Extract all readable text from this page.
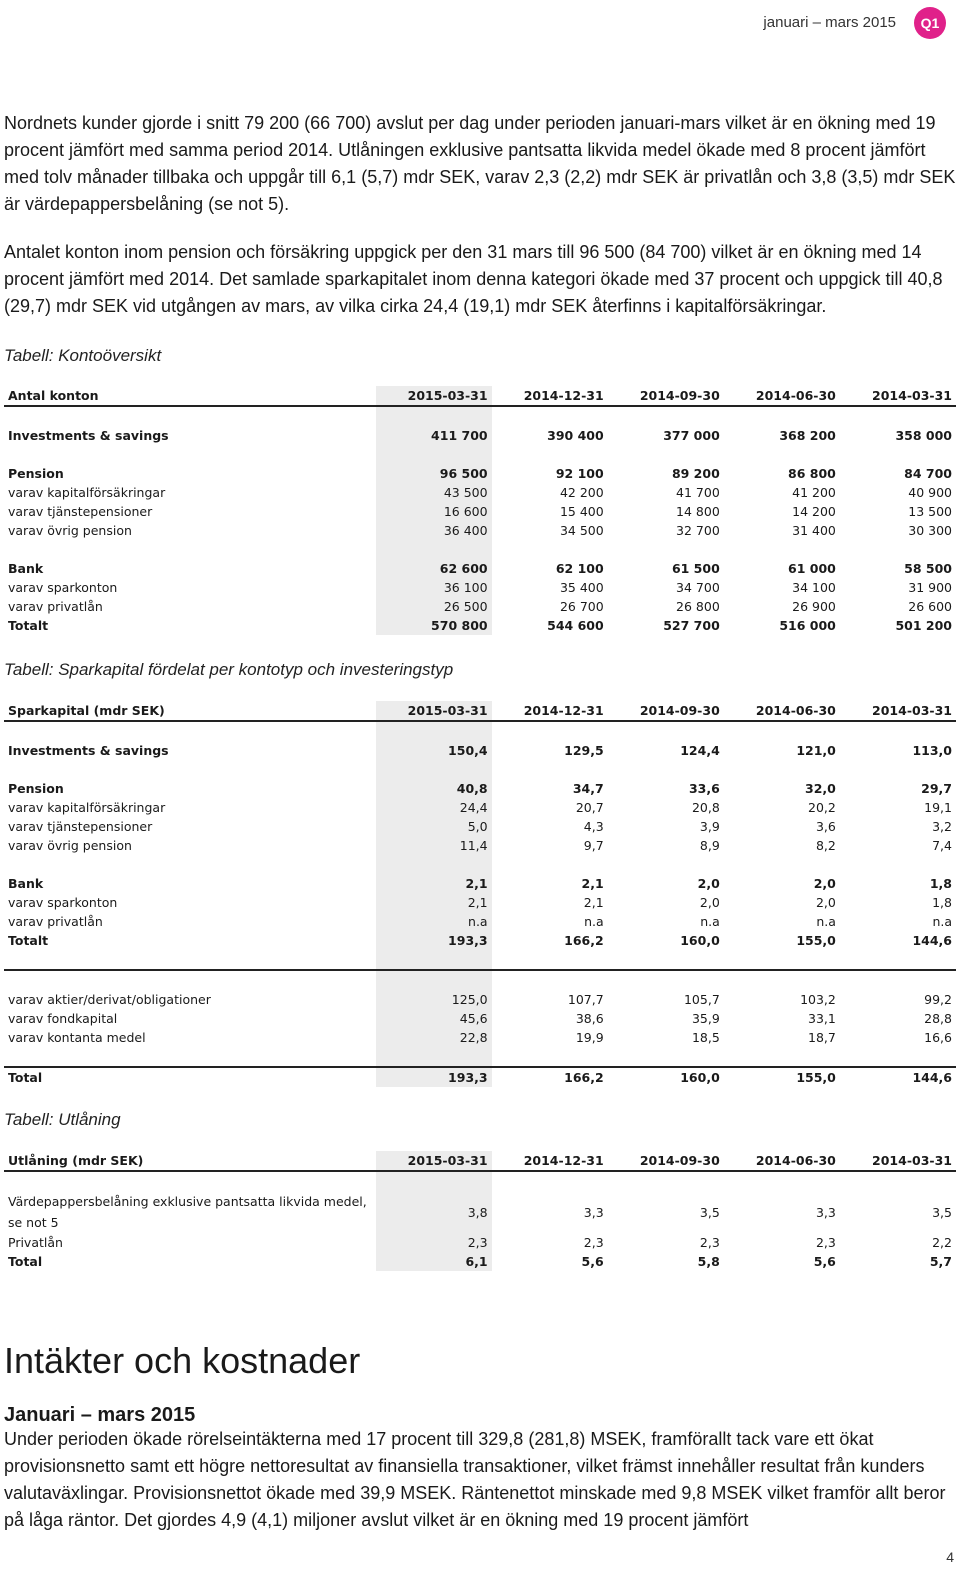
januari – mars 2015	Q1

Nordnets kunder gjorde i snitt 79 200 (66 700) avslut per dag under perioden januari-mars vilket är en ökning med 19 procent jämfört med samma period 2014. Utlåningen exklusive pantsatta likvida medel ökade med 8 procent jämfört med tolv månader tillbaka och uppgår till 6,1 (5,7) mdr SEK, varav 2,3 (2,2) mdr SEK är privatlån och 3,8 (3,5) mdr SEK är värdepappersbelåning (se not 5).

Antalet konton inom pension och försäkring uppgick per den 31 mars till 96 500 (84 700) vilket är en ökning med 14 procent jämfört med 2014. Det samlade sparkapitalet inom denna kategori ökade med 37 procent och uppgick till 40,8 (29,7) mdr SEK vid utgången av mars, av vilka cirka 24,4 (19,1) mdr SEK återfinns i kapitalförsäkringar.

Tabell: Kontoöversikt
Antal konton	2015-03-31	2014-12-31	2014-09-30	2014-06-30	2014-03-31

Investments & savings	411 700	390 400	377 000	368 200	358 000

Pension	96 500	92 100	89 200	86 800	84 700
varav kapitalförsäkringar	43 500	42 200	41 700	41 200	40 900
varav tjänstepensioner	16 600	15 400	14 800	14 200	13 500
varav övrig pension	36 400	34 500	32 700	31 400	30 300

Bank	62 600	62 100	61 500	61 000	58 500
varav sparkonton	36 100	35 400	34 700	34 100	31 900
varav privatlån	26 500	26 700	26 800	26 900	26 600
Totalt	570 800	544 600	527 700	516 000	501 200
Tabell: Sparkapital fördelat per kontotyp och investeringstyp
Sparkapital (mdr SEK)	2015-03-31	2014-12-31	2014-09-30	2014-06-30	2014-03-31

Investments & savings	150,4	129,5	124,4	121,0	113,0

Pension	40,8	34,7	33,6	32,0	29,7
varav kapitalförsäkringar	24,4	20,7	20,8	20,2	19,1
varav tjänstepensioner	5,0	4,3	3,9	3,6	3,2
varav övrig pension	11,4	9,7	8,9	8,2	7,4

Bank	2,1	2,1	2,0	2,0	1,8
varav sparkonton	2,1	2,1	2,0	2,0	1,8
varav privatlån	n.a	n.a	n.a	n.a	n.a
Totalt	193,3	166,2	160,0	155,0	144,6

varav aktier/derivat/obligationer	125,0	107,7	105,7	103,2	99,2
varav fondkapital	45,6	38,6	35,9	33,1	28,8
varav kontanta medel	22,8	19,9	18,5	18,7	16,6

Total	193,3	166,2	160,0	155,0	144,6
Tabell: Utlåning
Utlåning (mdr SEK)	2015-03-31	2014-12-31	2014-09-30	2014-06-30	2014-03-31

Värdepappersbelåning exklusive pantsatta likvida medel, se not 5	3,8	3,3	3,5	3,3	3,5
Privatlån	2,3	2,3	2,3	2,3	2,2
Total	6,1	5,6	5,8	5,6	5,7
Intäkter och kostnader
Januari – mars 2015

Under perioden ökade rörelseintäkterna med 17 procent till 329,8 (281,8) MSEK, framförallt tack vare ett ökat provisionsnetto samt ett högre nettoresultat av finansiella transaktioner, vilket främst innehåller resultat från kunders valutaväxlingar. Provisionsnettot ökade med 39,9 MSEK. Räntenettot minskade med 9,8 MSEK vilket framför allt beror på låga räntor. Det gjordes 4,9 (4,1) miljoner avslut vilket är en ökning med 19 procent jämfört

4
